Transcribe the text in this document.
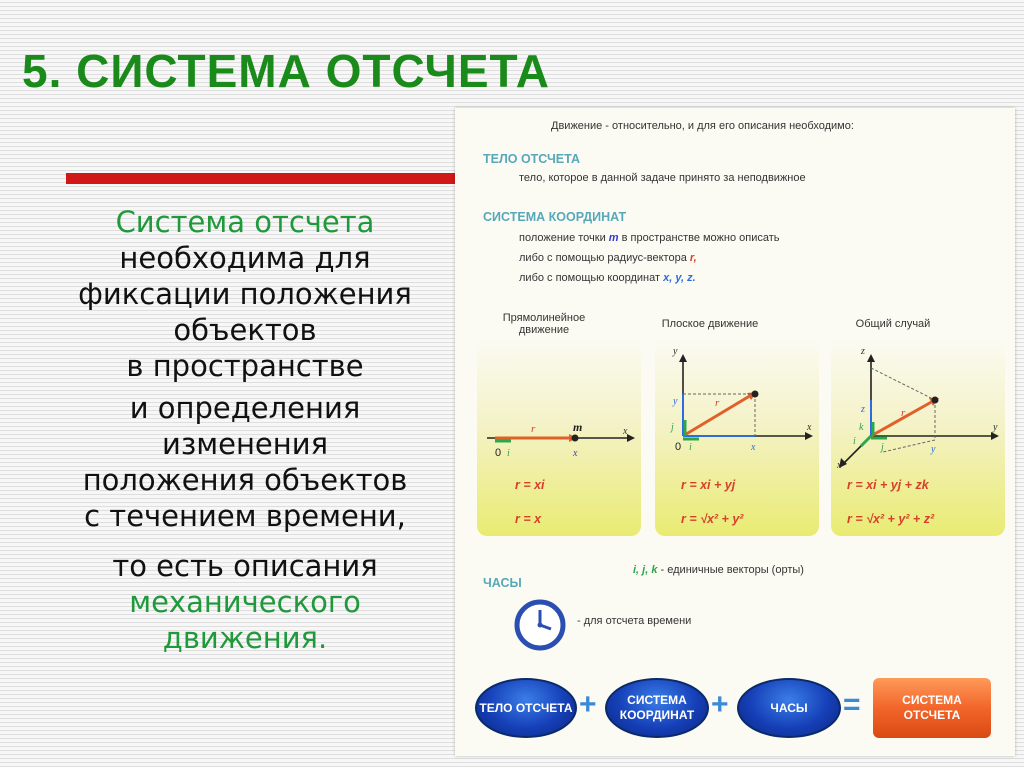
5. СИСТЕМА ОТСЧЕТА

Система отсчета

необходима для

фиксации положения

объектов

в пространстве

и определения

изменения

положения объектов

с течением времени,

то есть описания

механического

движения.

Движение - относительно, и для его описания необходимо:
ТЕЛО ОТСЧЕТА
тело, которое в данной задаче принято за неподвижное
СИСТЕМА КООРДИНАТ
положение точки m в пространстве можно описать
либо с помощью радиус-вектора r,
либо с помощью координат x, y, z.
Прямолинейное движение	Плоское движение	Общий случай
r	m	x
0 i	x
y
x
y	r
j
0 i	x
z
y
x
z	r
k
j
i
y
r = xi
r = x
r = xi + yj
r = √x² + y²
r = xi + yj + zk
r = √x² + y² + z²
i, j, k - единичные векторы (орты)
ЧАСЫ
- для отсчета времени
ТЕЛО ОТСЧЕТА +	СИСТЕМА КООРДИНАТ +	ЧАСЫ	=	СИСТЕМА ОТСЧЕТА
